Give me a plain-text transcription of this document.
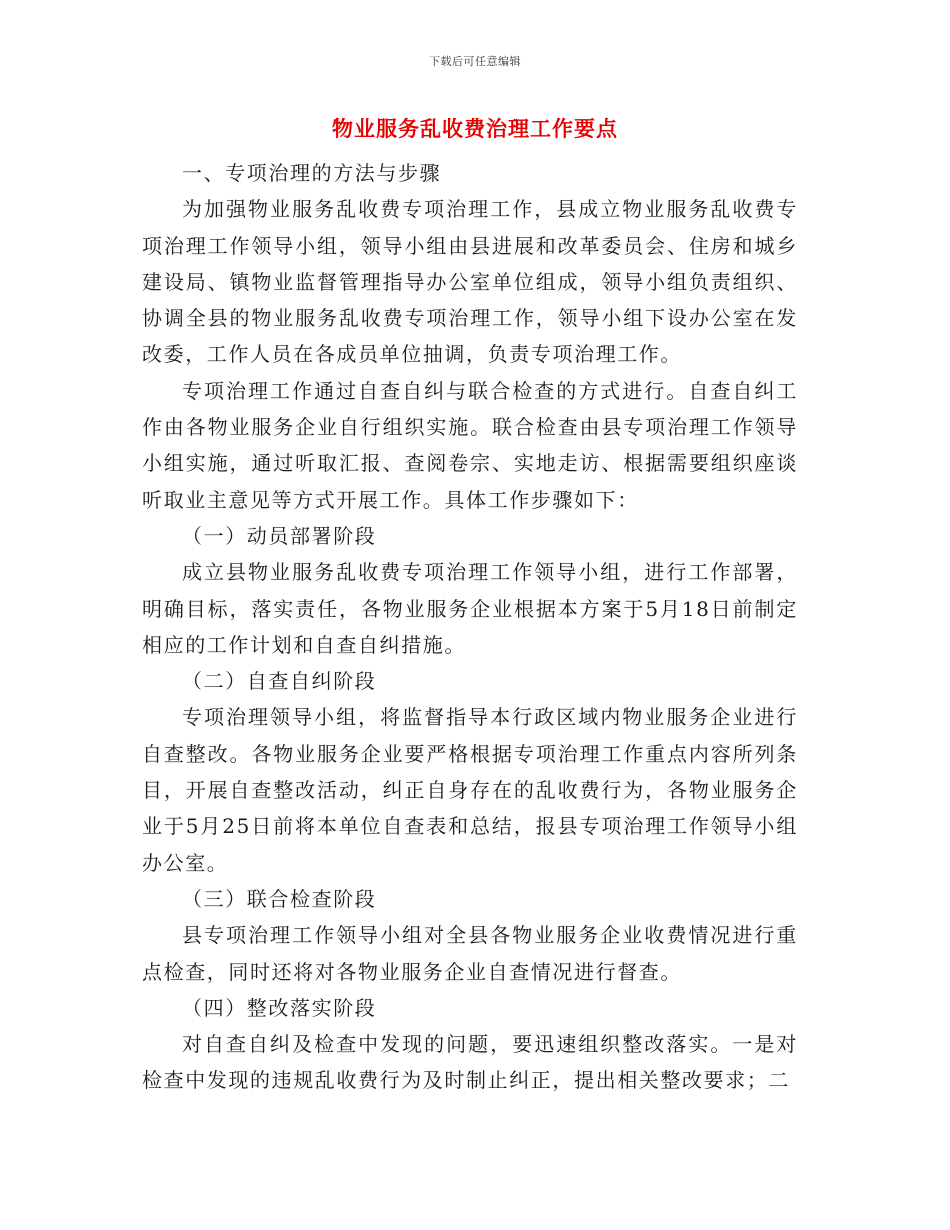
下载后可任意编辑
物业服务乱收费治理工作要点

一、专项治理的方法与步骤

为加强物业服务乱收费专项治理工作，县成立物业服务乱收费专项治理工作领导小组，领导小组由县进展和改革委员会、住房和城乡建设局、镇物业监督管理指导办公室单位组成，领导小组负责组织、协调全县的物业服务乱收费专项治理工作，领导小组下设办公室在发改委，工作人员在各成员单位抽调，负责专项治理工作。

专项治理工作通过自查自纠与联合检查的方式进行。自查自纠工作由各物业服务企业自行组织实施。联合检查由县专项治理工作领导小组实施，通过听取汇报、查阅卷宗、实地走访、根据需要组织座谈听取业主意见等方式开展工作。具体工作步骤如下：

（一）动员部署阶段

成立县物业服务乱收费专项治理工作领导小组，进行工作部署，明确目标，落实责任，各物业服务企业根据本方案于5月18日前制定相应的工作计划和自查自纠措施。

（二）自查自纠阶段

专项治理领导小组，将监督指导本行政区域内物业服务企业进行自查整改。各物业服务企业要严格根据专项治理工作重点内容所列条目，开展自查整改活动，纠正自身存在的乱收费行为，各物业服务企业于5月25日前将本单位自查表和总结，报县专项治理工作领导小组办公室。

（三）联合检查阶段

县专项治理工作领导小组对全县各物业服务企业收费情况进行重点检查，同时还将对各物业服务企业自查情况进行督查。

（四）整改落实阶段

对自查自纠及检查中发现的问题，要迅速组织整改落实。一是对检查中发现的违规乱收费行为及时制止纠正，提出相关整改要求；二
